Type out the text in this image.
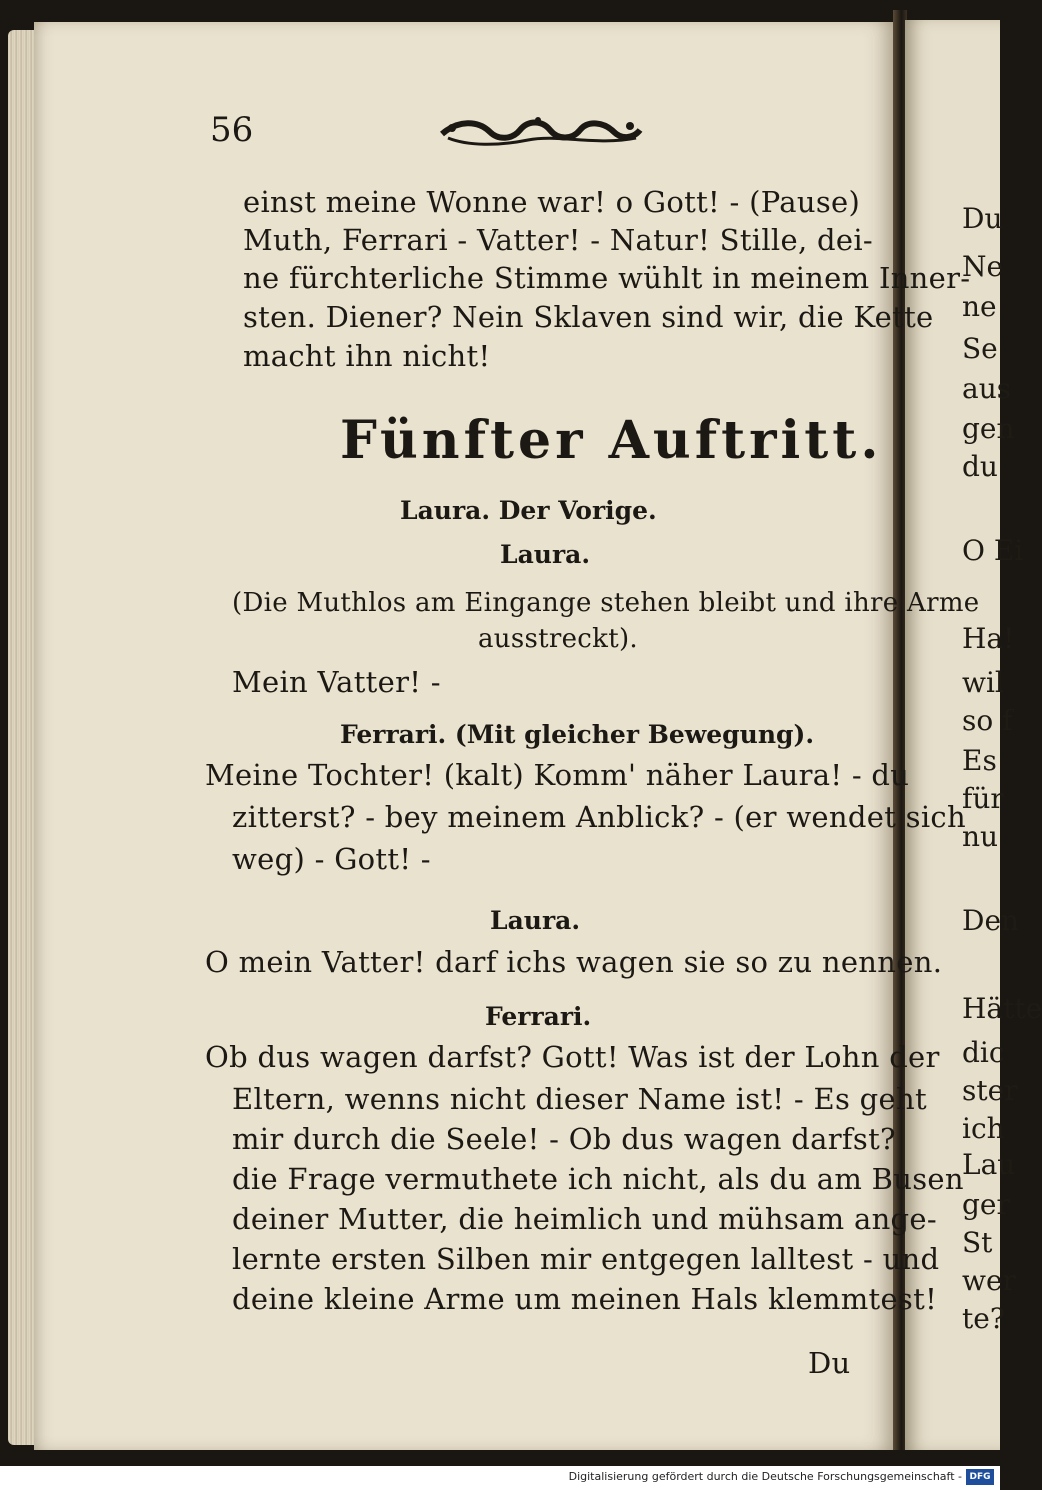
Du
Ne
ne
Se
aus
gen
du
O Ei
Ha!
wil
so f
Es
für
nu
Den
Hätte
dic
ster
ich
Lau
ger
St
wer
te?
56
einst meine Wonne war! o Gott! - (Pause)
Muth, Ferrari - Vatter! - Natur! Stille, dei-
ne fürchterliche Stimme wühlt in meinem Inner-
sten. Diener? Nein Sklaven sind wir, die Kette
macht ihn nicht!
Fünfter Auftritt.
Laura. Der Vorige.
Laura.
(Die Muthlos am Eingange stehen bleibt und ihre Arme
ausstreckt).
Mein Vatter! -
Ferrari. (Mit gleicher Bewegung).
Meine Tochter! (kalt) Komm' näher Laura! - du
zitterst? - bey meinem Anblick? - (er wendet sich
weg) - Gott! -
Laura.
O mein Vatter! darf ichs wagen sie so zu nennen.
Ferrari.
Ob dus wagen darfst? Gott! Was ist der Lohn der
Eltern, wenns nicht dieser Name ist! - Es geht
mir durch die Seele! - Ob dus wagen darfst?
die Frage vermuthete ich nicht, als du am Busen
deiner Mutter, die heimlich und mühsam ange-
lernte ersten Silben mir entgegen lalltest - und
deine kleine Arme um meinen Hals klemmtest!
Du
Digitalisierung gefördert durch die Deutsche Forschungsgemeinschaft - DFG
